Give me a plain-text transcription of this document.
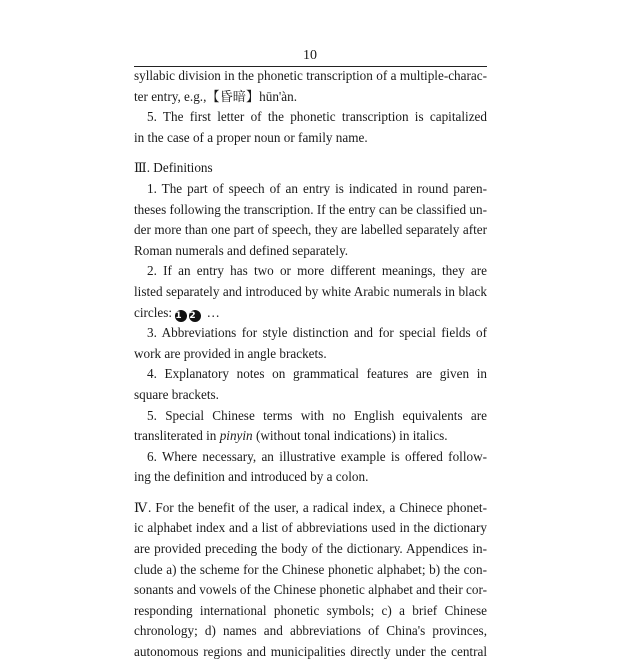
10
syllabic division in the phonetic transcription of a multiple-charac-
ter entry, e.g.,【昏暗】hūn'àn.
5. The first letter of the phonetic transcription is capitalized
in the case of a proper noun or family name.
Ⅲ. Definitions
1. The part of speech of an entry is indicated in round paren-
theses following the transcription. If the entry can be classified un-
der more than one part of speech, they are labelled separately after
Roman numerals and defined separately.
2. If an entry has two or more different meanings, they are
listed separately and introduced by white Arabic numerals in black
circles: 1 2 …
3. Abbreviations for style distinction and for special fields of
work are provided in angle brackets.
4. Explanatory notes on grammatical features are given in
square brackets.
5. Special Chinese terms with no English equivalents are
transliterated in pinyin (without tonal indications) in italics.
6. Where necessary, an illustrative example is offered follow-
ing the definition and introduced by a colon.
Ⅳ. For the benefit of the user, a radical index, a Chinece phonet-
ic alphabet index and a list of abbreviations used in the dictionary
are provided preceding the body of the dictionary. Appendices in-
clude a) the scheme for the Chinese phonetic alphabet; b) the con-
sonants and vowels of the Chinese phonetic alphabet and their cor-
responding international phonetic symbols; c) a brief Chinese
chronology; d) names and abbreviations of China's provinces,
autonomous regions and municipalities directly under the central
